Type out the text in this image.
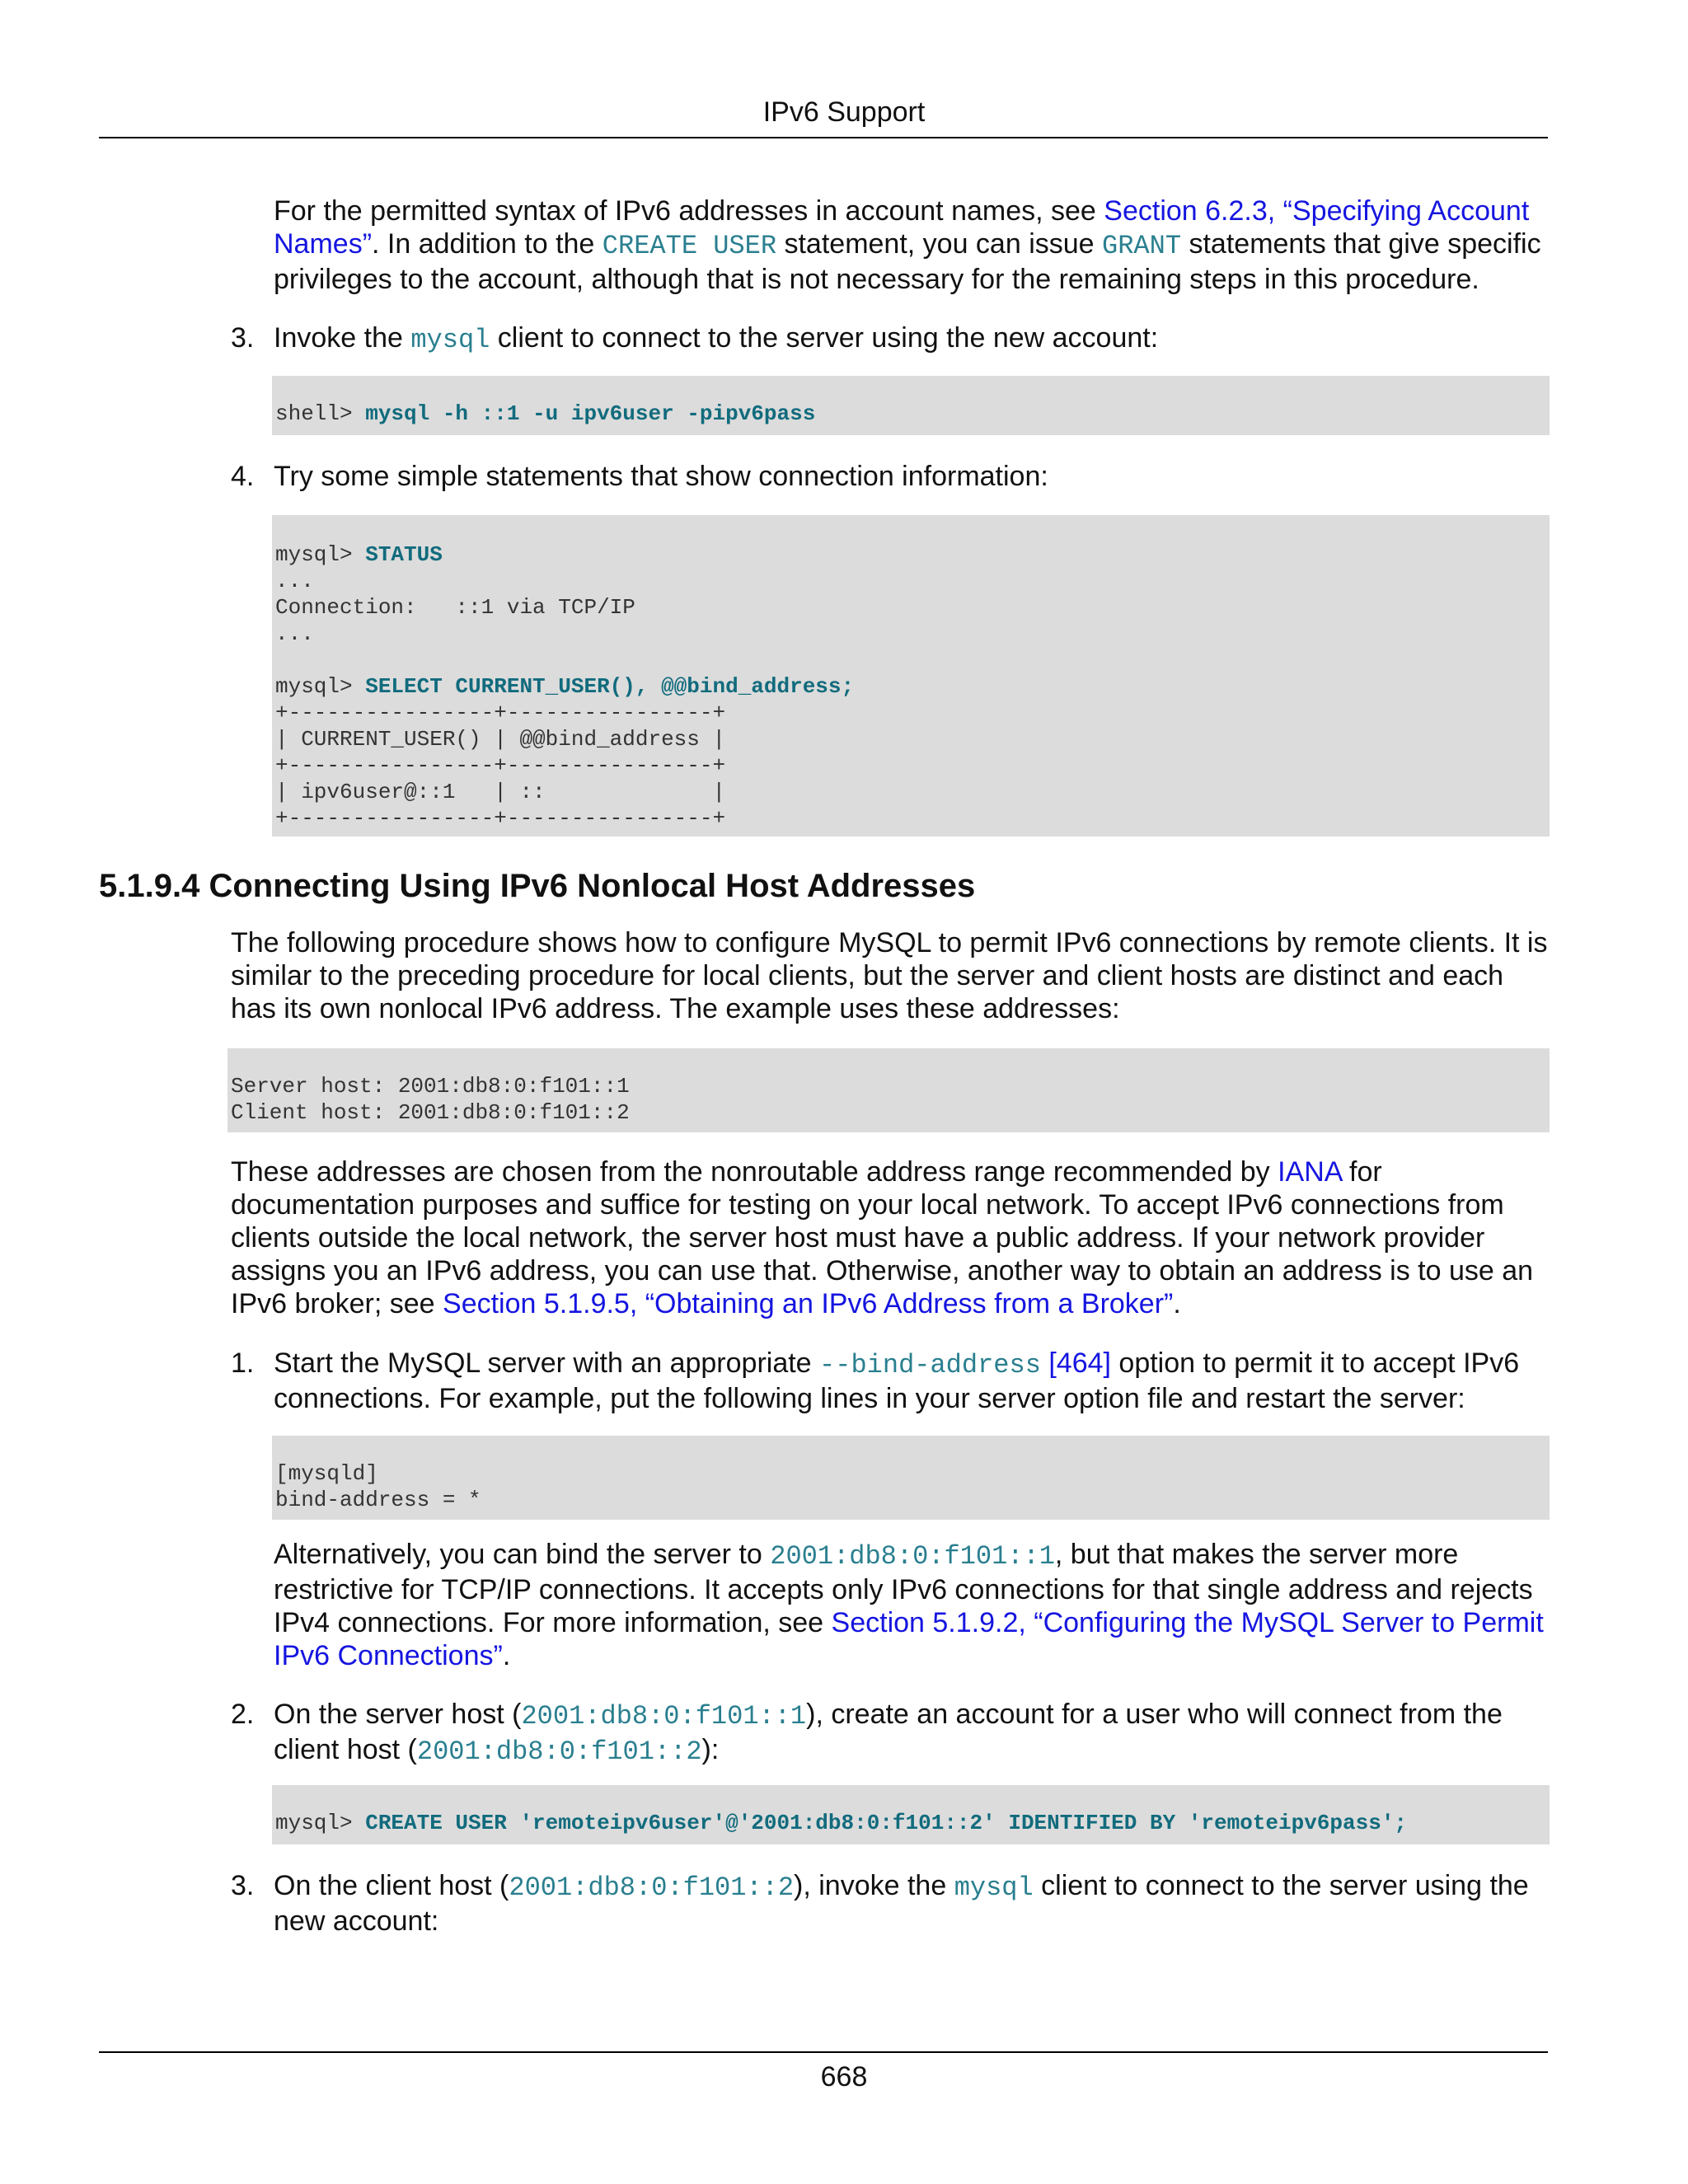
IPv6 Support

For the permitted syntax of IPv6 addresses in account names, see Section 6.2.3, “Specifying Account Names”. In addition to the CREATE USER statement, you can issue GRANT statements that give specific privileges to the account, although that is not necessary for the remaining steps in this procedure.

3. Invoke the mysql client to connect to the server using the new account:

shell> mysql -h ::1 -u ipv6user -pipv6pass
4. Try some simple statements that show connection information:

mysql> STATUS
...
Connection:   ::1 via TCP/IP
...

mysql> SELECT CURRENT_USER(), @@bind_address;
+----------------+----------------+
| CURRENT_USER() | @@bind_address |
+----------------+----------------+
| ipv6user@::1   | ::             |
+----------------+----------------+
5.1.9.4 Connecting Using IPv6 Nonlocal Host Addresses

The following procedure shows how to configure MySQL to permit IPv6 connections by remote clients. It is similar to the preceding procedure for local clients, but the server and client hosts are distinct and each has its own nonlocal IPv6 address. The example uses these addresses:

Server host: 2001:db8:0:f101::1
Client host: 2001:db8:0:f101::2

These addresses are chosen from the nonroutable address range recommended by IANA for documentation purposes and suffice for testing on your local network. To accept IPv6 connections from clients outside the local network, the server host must have a public address. If your network provider assigns you an IPv6 address, you can use that. Otherwise, another way to obtain an address is to use an IPv6 broker; see Section 5.1.9.5, “Obtaining an IPv6 Address from a Broker”.

1. Start the MySQL server with an appropriate --bind-address [464] option to permit it to accept IPv6 connections. For example, put the following lines in your server option file and restart the server:

[mysqld]
bind-address = *

Alternatively, you can bind the server to 2001:db8:0:f101::1, but that makes the server more restrictive for TCP/IP connections. It accepts only IPv6 connections for that single address and rejects IPv4 connections. For more information, see Section 5.1.9.2, “Configuring the MySQL Server to Permit IPv6 Connections”.

2. On the server host (2001:db8:0:f101::1), create an account for a user who will connect from the client host (2001:db8:0:f101::2):

mysql> CREATE USER 'remoteipv6user'@'2001:db8:0:f101::2' IDENTIFIED BY 'remoteipv6pass';
3. On the client host (2001:db8:0:f101::2), invoke the mysql client to connect to the server using the new account:

668
